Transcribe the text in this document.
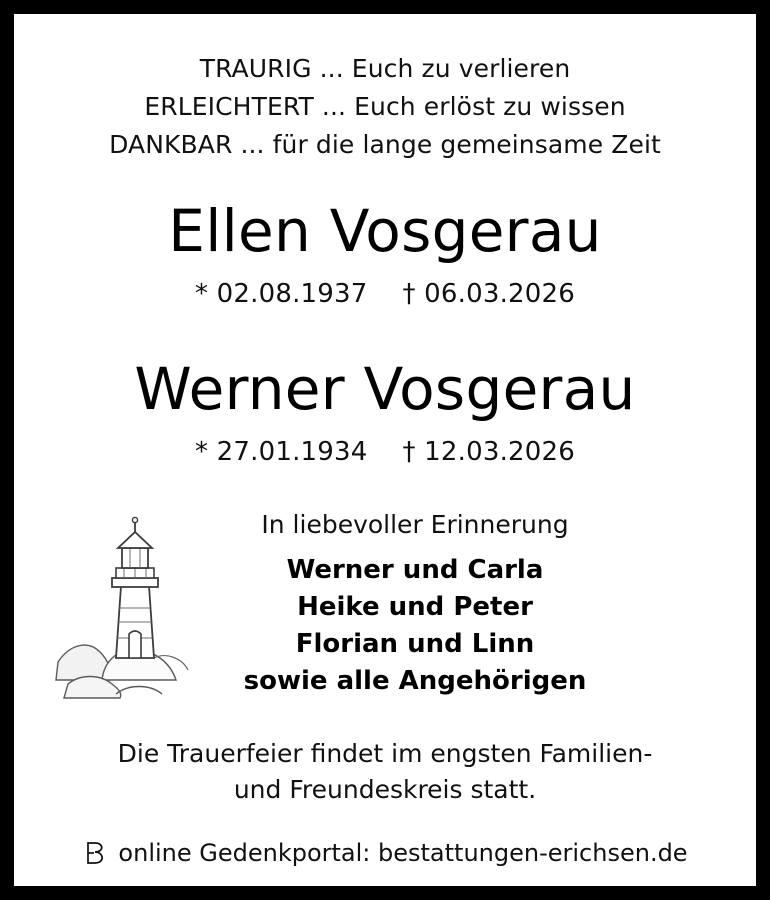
TRAURIG ... Euch zu verlieren
ERLEICHTERT ... Euch erlöst zu wissen
DANKBAR ... für die lange gemeinsame Zeit
Ellen Vosgerau
* 02.08.1937 † 06.03.2026
Werner Vosgerau
* 27.01.1934 † 12.03.2026
In liebevoller Erinnerung
Werner und Carla
Heike und Peter
Florian und Linn
sowie alle Angehörigen
Die Trauerfeier findet im engsten Familien-
und Freundeskreis statt.
online Gedenkportal: bestattungen-erichsen.de
